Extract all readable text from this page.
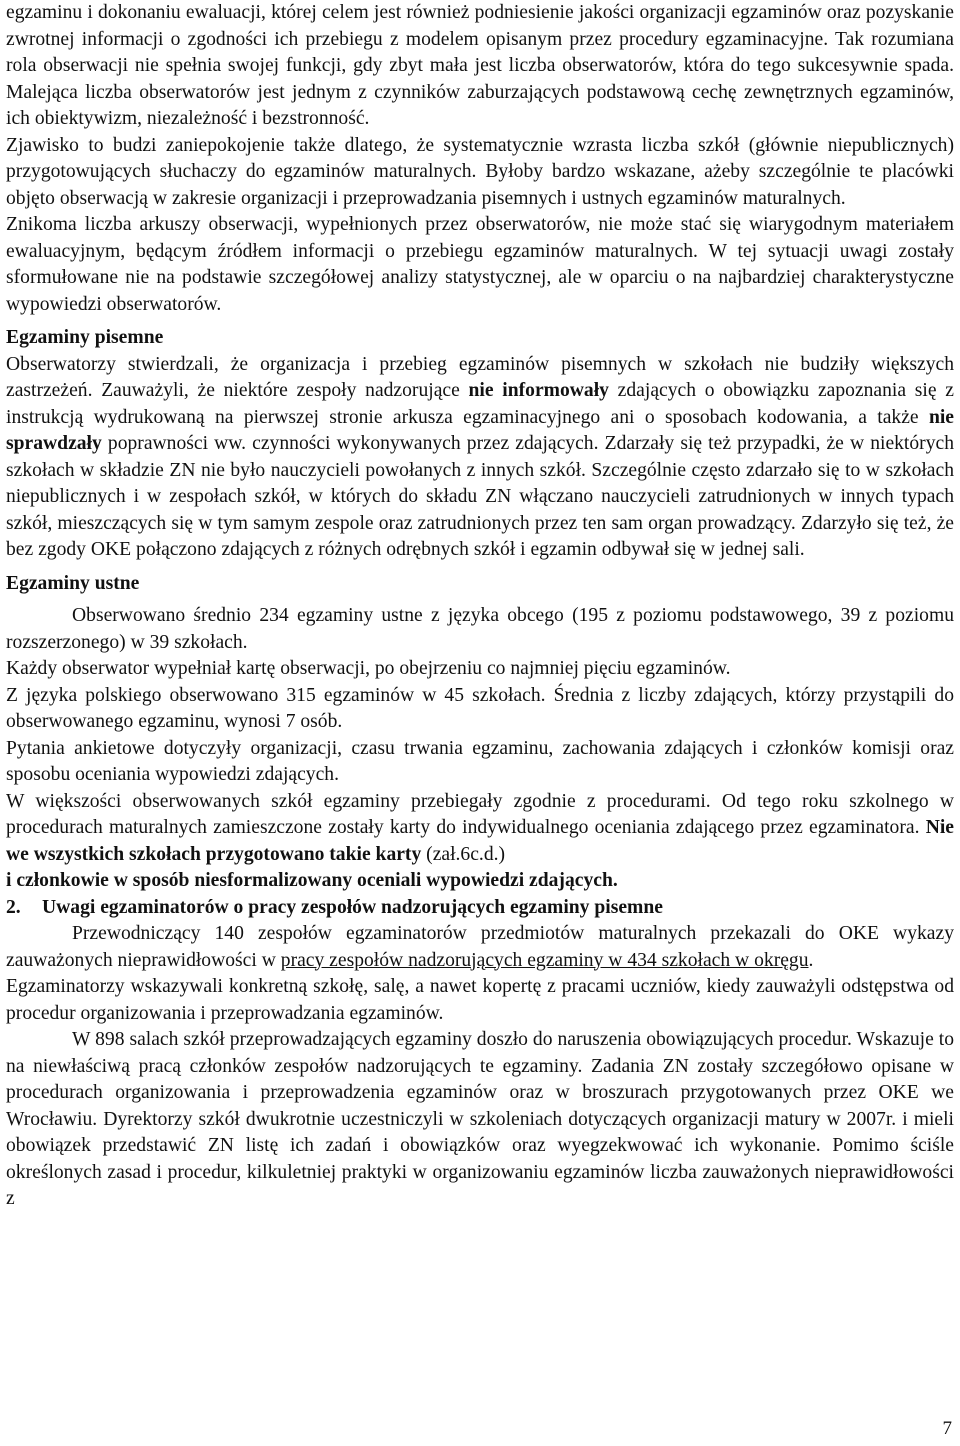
egzaminu i dokonaniu ewaluacji, której celem jest również podniesienie jakości organizacji egzaminów oraz pozyskanie zwrotnej informacji o zgodności ich przebiegu z modelem opisanym przez procedury egzaminacyjne. Tak rozumiana rola obserwacji nie spełnia swojej funkcji, gdy zbyt mała jest liczba obserwatorów, która do tego sukcesywnie spada. Malejąca liczba obserwatorów jest jednym z czynników zaburzających podstawową cechę zewnętrznych egzaminów, ich obiektywizm, niezależność i bezstronność.

Zjawisko to budzi zaniepokojenie także dlatego, że systematycznie wzrasta liczba szkół (głównie niepublicznych) przygotowujących słuchaczy do egzaminów maturalnych. Byłoby bardzo wskazane, ażeby szczególnie te placówki objęto obserwacją w zakresie organizacji i przeprowadzania pisemnych i ustnych egzaminów maturalnych.

Znikoma liczba arkuszy obserwacji, wypełnionych przez obserwatorów, nie może stać się wiarygodnym materiałem ewaluacyjnym, będącym źródłem informacji o przebiegu egzaminów maturalnych. W tej sytuacji uwagi zostały sformułowane nie na podstawie szczegółowej analizy statystycznej, ale w oparciu o na najbardziej charakterystyczne wypowiedzi obserwatorów.

Egzaminy pisemne

Obserwatorzy stwierdzali, że organizacja i przebieg egzaminów pisemnych w szkołach nie budziły większych zastrzeżeń. Zauważyli, że niektóre zespoły nadzorujące nie informowały zdających o obowiązku zapoznania się z instrukcją wydrukowaną na pierwszej stronie arkusza egzaminacyjnego ani o sposobach kodowania, a także nie sprawdzały poprawności ww. czynności wykonywanych przez zdających. Zdarzały się też przypadki, że w niektórych szkołach w składzie ZN nie było nauczycieli powołanych z innych szkół. Szczególnie często zdarzało się to w szkołach niepublicznych i w zespołach szkół, w których do składu ZN włączano nauczycieli zatrudnionych w innych typach szkół, mieszczących się w tym samym zespole oraz zatrudnionych przez ten sam organ prowadzący. Zdarzyło się też, że bez zgody OKE połączono zdających z różnych odrębnych szkół i egzamin odbywał się w jednej sali.

Egzaminy ustne

Obserwowano średnio 234 egzaminy ustne z języka obcego (195 z poziomu podstawowego, 39 z poziomu rozszerzonego) w 39 szkołach.

Każdy obserwator wypełniał kartę obserwacji, po obejrzeniu co najmniej pięciu egzaminów.

Z języka polskiego obserwowano 315 egzaminów w 45 szkołach. Średnia z liczby zdających, którzy przystąpili do obserwowanego egzaminu, wynosi 7 osób.

Pytania ankietowe dotyczyły organizacji, czasu trwania egzaminu, zachowania zdających i członków komisji oraz sposobu oceniania wypowiedzi zdających.

W większości obserwowanych szkół egzaminy przebiegały zgodnie z procedurami. Od tego roku szkolnego w procedurach maturalnych zamieszczone zostały karty do indywidualnego oceniania zdającego przez egzaminatora. Nie we wszystkich szkołach przygotowano takie karty (zał.6c.d.)

i członkowie w sposób niesformalizowany oceniali wypowiedzi zdających.

2. Uwagi egzaminatorów o pracy zespołów nadzorujących egzaminy pisemne

Przewodniczący 140 zespołów egzaminatorów przedmiotów maturalnych przekazali do OKE wykazy zauważonych nieprawidłowości w pracy zespołów nadzorujących egzaminy w 434 szkołach w okręgu.

Egzaminatorzy wskazywali konkretną szkołę, salę, a nawet kopertę z pracami uczniów, kiedy zauważyli odstępstwa od procedur organizowania i przeprowadzania egzaminów.

W 898 salach szkół przeprowadzających egzaminy doszło do naruszenia obowiązujących procedur. Wskazuje to na niewłaściwą pracą członków zespołów nadzorujących te egzaminy. Zadania ZN zostały szczegółowo opisane w procedurach organizowania i przeprowadzenia egzaminów oraz w broszurach przygotowanych przez OKE we Wrocławiu. Dyrektorzy szkół dwukrotnie uczestniczyli w szkoleniach dotyczących organizacji matury w 2007r. i mieli obowiązek przedstawić ZN listę ich zadań i obowiązków oraz wyegzekwować ich wykonanie. Pomimo ściśle określonych zasad i procedur, kilkuletniej praktyki w organizowaniu egzaminów liczba zauważonych nieprawidłowości z

7
